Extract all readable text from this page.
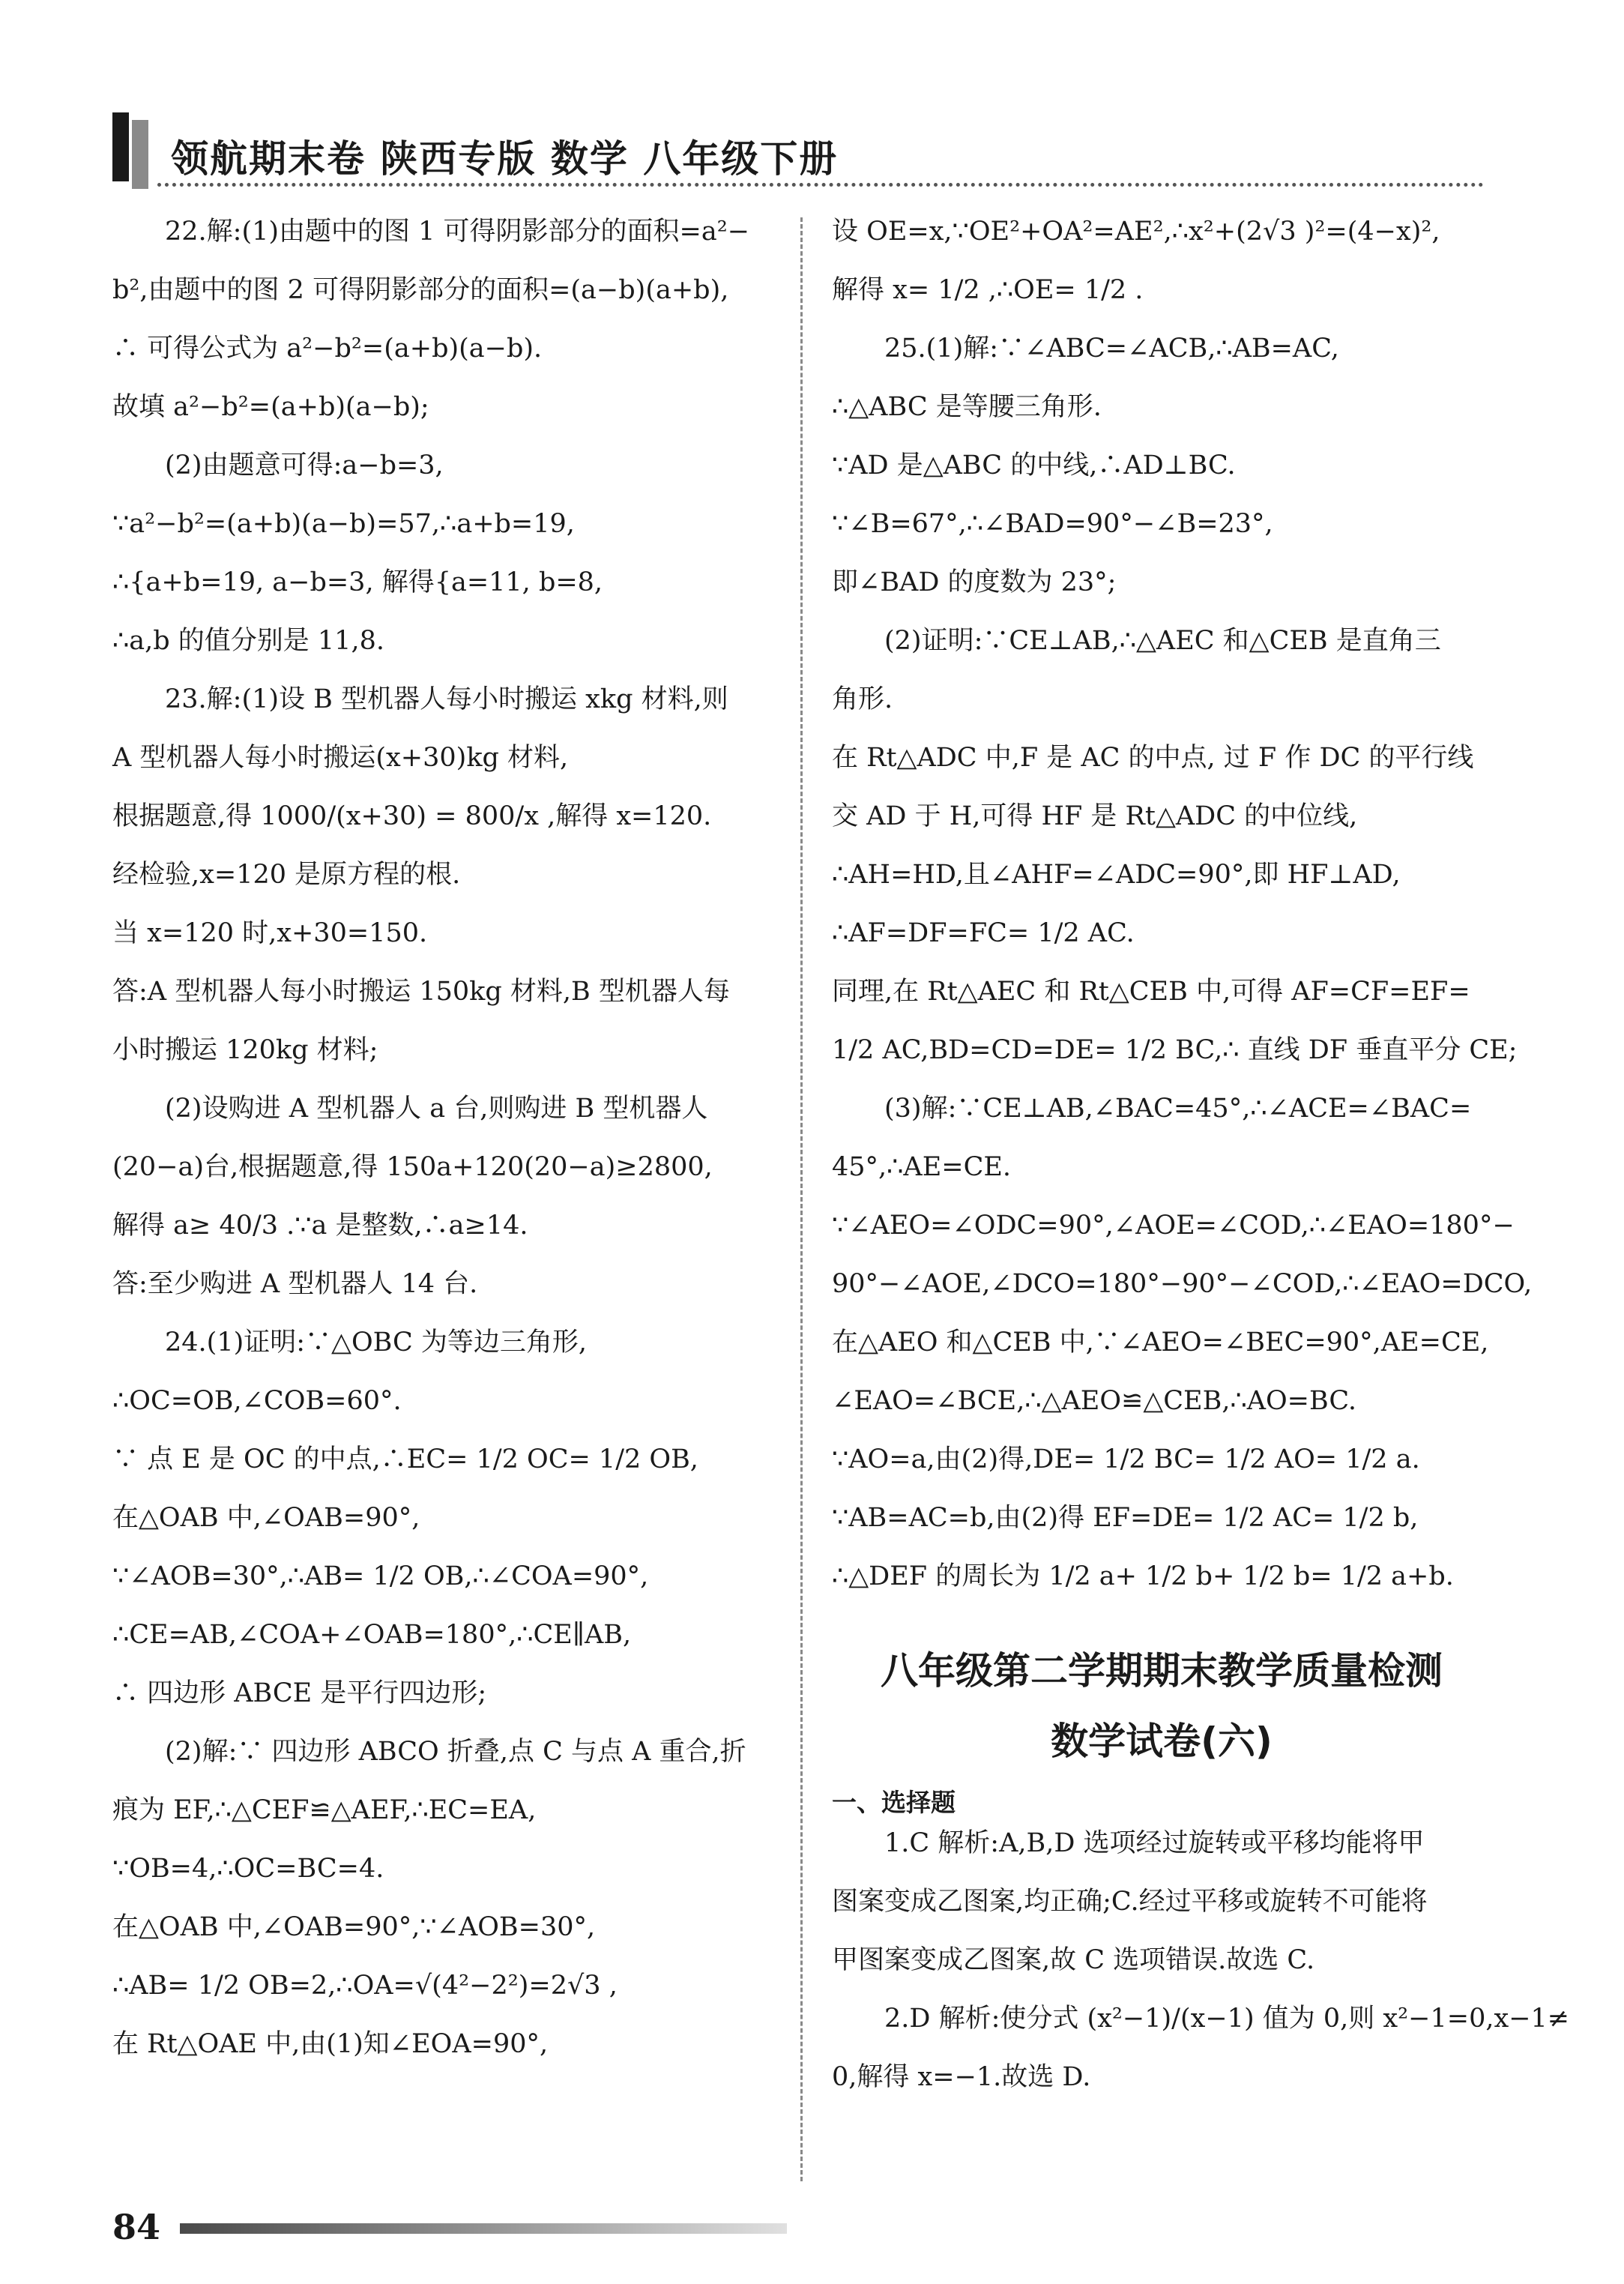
领航期末卷 陕西专版 数学 八年级下册
22.解:(1)由题中的图 1 可得阴影部分的面积=a²−
b²,由题中的图 2 可得阴影部分的面积=(a−b)(a+b),
∴ 可得公式为 a²−b²=(a+b)(a−b).
故填 a²−b²=(a+b)(a−b);
(2)由题意可得:a−b=3,
∵a²−b²=(a+b)(a−b)=57,∴a+b=19,
∴{a+b=19, a−b=3, 解得{a=11, b=8,
∴a,b 的值分别是 11,8.
23.解:(1)设 B 型机器人每小时搬运 xkg 材料,则
A 型机器人每小时搬运(x+30)kg 材料,
根据题意,得 1000/(x+30) = 800/x ,解得 x=120.
经检验,x=120 是原方程的根.
当 x=120 时,x+30=150.
答:A 型机器人每小时搬运 150kg 材料,B 型机器人每
小时搬运 120kg 材料;
(2)设购进 A 型机器人 a 台,则购进 B 型机器人
(20−a)台,根据题意,得 150a+120(20−a)≥2800,
解得 a≥ 40/3 .∵a 是整数,∴a≥14.
答:至少购进 A 型机器人 14 台.
24.(1)证明:∵△OBC 为等边三角形,
∴OC=OB,∠COB=60°.
∵ 点 E 是 OC 的中点,∴EC= 1/2 OC= 1/2 OB,
在△OAB 中,∠OAB=90°,
∵∠AOB=30°,∴AB= 1/2 OB,∴∠COA=90°,
∴CE=AB,∠COA+∠OAB=180°,∴CE∥AB,
∴ 四边形 ABCE 是平行四边形;
(2)解:∵ 四边形 ABCO 折叠,点 C 与点 A 重合,折
痕为 EF,∴△CEF≌△AEF,∴EC=EA,
∵OB=4,∴OC=BC=4.
在△OAB 中,∠OAB=90°,∵∠AOB=30°,
∴AB= 1/2 OB=2,∴OA=√(4²−2²)=2√3 ,
在 Rt△OAE 中,由(1)知∠EOA=90°,
设 OE=x,∵OE²+OA²=AE²,∴x²+(2√3 )²=(4−x)²,
解得 x= 1/2 ,∴OE= 1/2 .
25.(1)解:∵∠ABC=∠ACB,∴AB=AC,
∴△ABC 是等腰三角形.
∵AD 是△ABC 的中线,∴AD⊥BC.
∵∠B=67°,∴∠BAD=90°−∠B=23°,
即∠BAD 的度数为 23°;
(2)证明:∵CE⊥AB,∴△AEC 和△CEB 是直角三
角形.
在 Rt△ADC 中,F 是 AC 的中点, 过 F 作 DC 的平行线
交 AD 于 H,可得 HF 是 Rt△ADC 的中位线,
∴AH=HD,且∠AHF=∠ADC=90°,即 HF⊥AD,
∴AF=DF=FC= 1/2 AC.
同理,在 Rt△AEC 和 Rt△CEB 中,可得 AF=CF=EF=
1/2 AC,BD=CD=DE= 1/2 BC,∴ 直线 DF 垂直平分 CE;
(3)解:∵CE⊥AB,∠BAC=45°,∴∠ACE=∠BAC=
45°,∴AE=CE.
∵∠AEO=∠ODC=90°,∠AOE=∠COD,∴∠EAO=180°−
90°−∠AOE,∠DCO=180°−90°−∠COD,∴∠EAO=DCO,
在△AEO 和△CEB 中,∵∠AEO=∠BEC=90°,AE=CE,
∠EAO=∠BCE,∴△AEO≌△CEB,∴AO=BC.
∵AO=a,由(2)得,DE= 1/2 BC= 1/2 AO= 1/2 a.
∵AB=AC=b,由(2)得 EF=DE= 1/2 AC= 1/2 b,
∴△DEF 的周长为 1/2 a+ 1/2 b+ 1/2 b= 1/2 a+b.
八年级第二学期期末教学质量检测
数学试卷(六)
一、选择题
1.C 解析:A,B,D 选项经过旋转或平移均能将甲
图案变成乙图案,均正确;C.经过平移或旋转不可能将
甲图案变成乙图案,故 C 选项错误.故选 C.
2.D 解析:使分式 (x²−1)/(x−1) 值为 0,则 x²−1=0,x−1≠
0,解得 x=−1.故选 D.
84
